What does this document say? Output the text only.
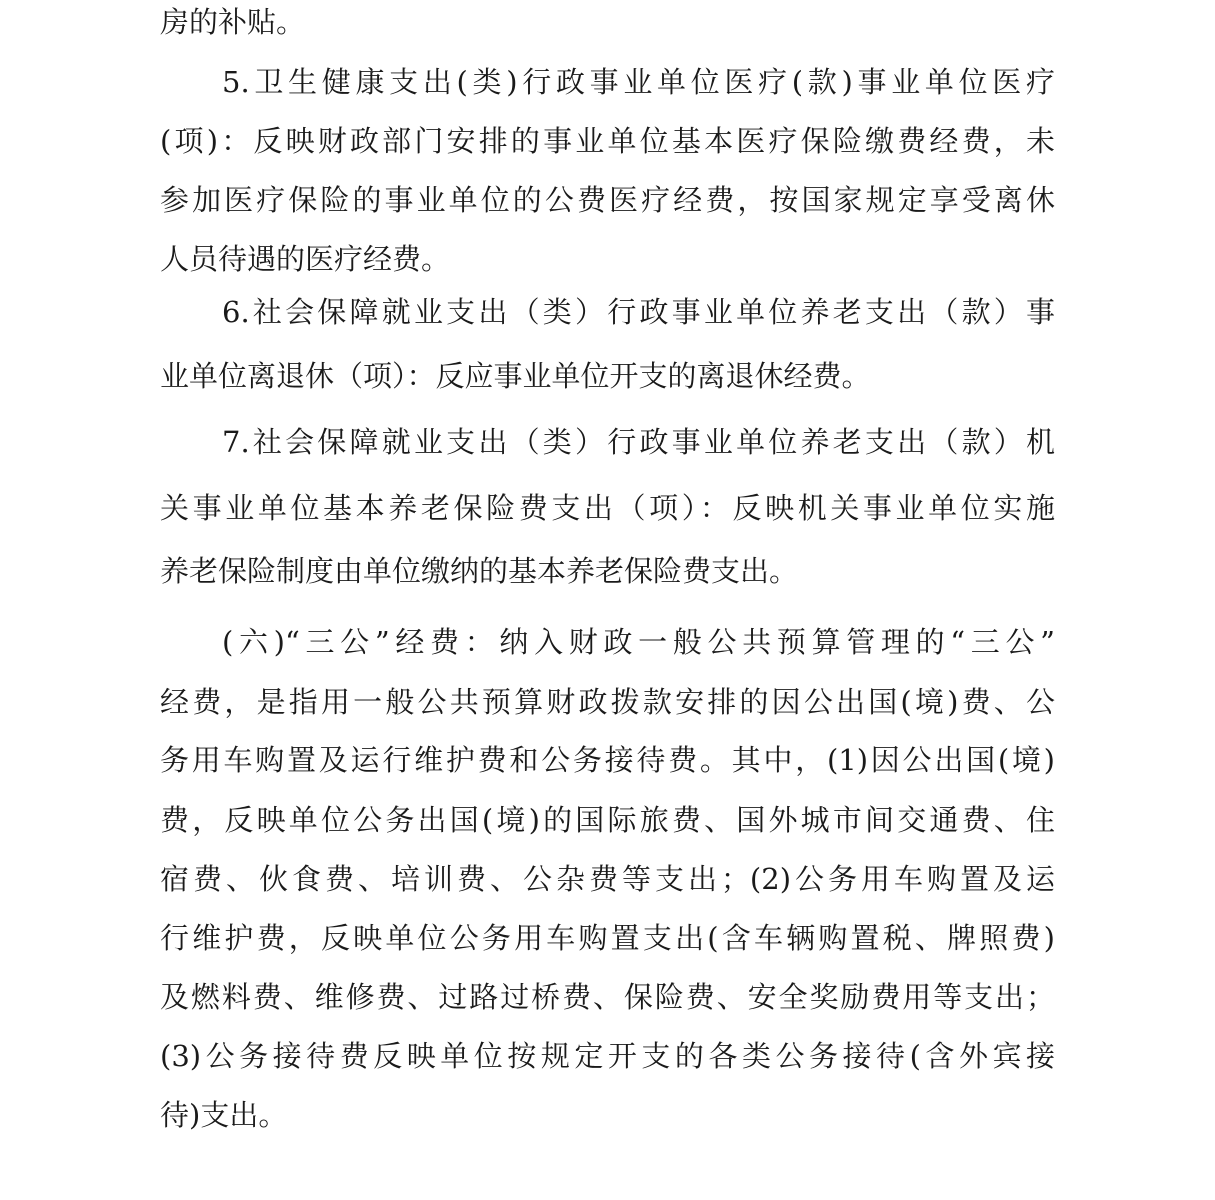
房的补贴。
5.卫生健康支出(类)行政事业单位医疗(款)事业单位医疗
(项)：反映财政部门安排的事业单位基本医疗保险缴费经费，未
参加医疗保险的事业单位的公费医疗经费，按国家规定享受离休
人员待遇的医疗经费。
6.社会保障就业支出（类）行政事业单位养老支出（款）事
业单位离退休（项）：反应事业单位开支的离退休经费。
7.社会保障就业支出（类）行政事业单位养老支出（款）机
关事业单位基本养老保险费支出（项）：反映机关事业单位实施
养老保险制度由单位缴纳的基本养老保险费支出。
(六)“三公”经费：纳入财政一般公共预算管理的“三公”
经费，是指用一般公共预算财政拨款安排的因公出国(境)费、公
务用车购置及运行维护费和公务接待费。其中，(1)因公出国(境)
费，反映单位公务出国(境)的国际旅费、国外城市间交通费、住
宿费、伙食费、培训费、公杂费等支出；(2)公务用车购置及运
行维护费，反映单位公务用车购置支出(含车辆购置税、牌照费)
及燃料费、维修费、过路过桥费、保险费、安全奖励费用等支出；
(3)公务接待费反映单位按规定开支的各类公务接待(含外宾接
待)支出。
